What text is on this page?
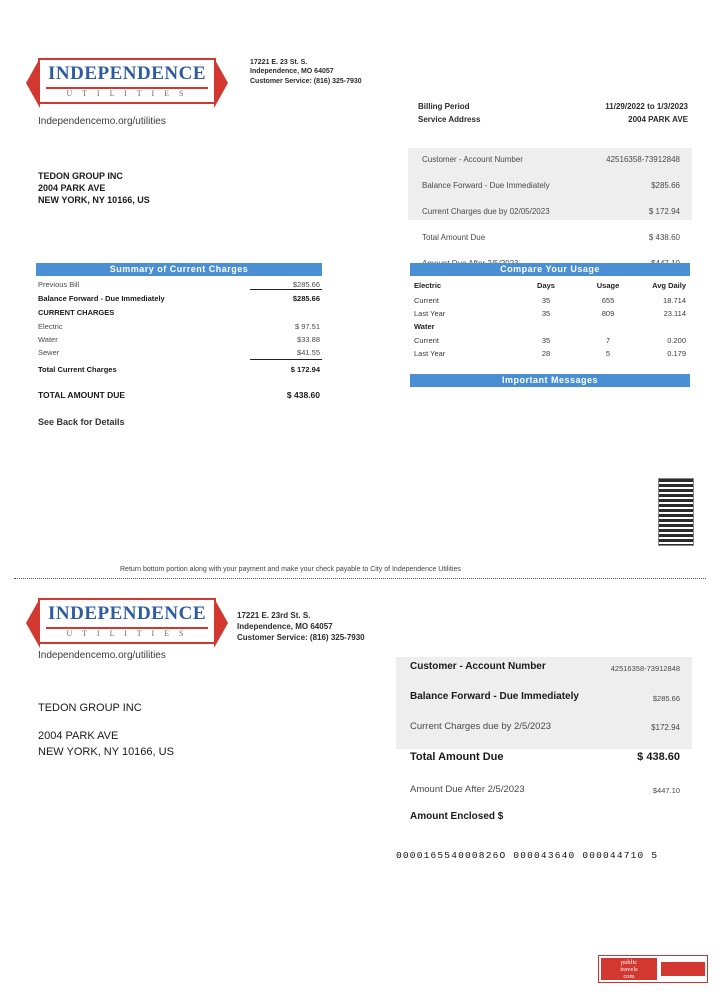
INDEPENDENCE
U T I L I T I E S
Independencemo.org/utilities
17221 E. 23 St. S.
Independence, MO 64057
Customer Service: (816) 325-7930
Billing Period	11/29/2022 to 1/3/2023
Service Address	2004 PARK AVE
TEDON GROUP INC
2004 PARK AVE
NEW YORK, NY 10166, US
Customer - Account Number	42516358-73912848
Balance Forward - Due Immediately	$285.66
Current Charges due by 02/05/2023	$ 172.94
Total Amount Due	$ 438.60
Summary of Current Charges
Previous Bill	$285.66
Balance Forward - Due Immediately	$285.66
CURRENT CHARGES
Electric	$ 97.51
Water	$33.88
Sewer	$41.55
Total Current Charges	$ 172.94
TOTAL AMOUNT DUE	$ 438.60
See Back for Details
Compare Your Usage
Electric	Days	Usage	Avg Daily
Current	35	655	18.714
Last Year	35	809	23.114
Water
Current	35	7	0.200
Last Year	28	5	0.179
Important Messages
Return bottom portion along with your payment and make your check payable to City of Independence Utilities
INDEPENDENCE
U T I L I T I E S
Independencemo.org/utilities
17221 E. 23rd St. S.
Independence, MO 64057
Customer Service: (816) 325-7930
TEDON GROUP INC
2004 PARK AVE
NEW YORK, NY 10166, US
Customer - Account Number	42516358-73912848
Balance Forward - Due Immediately	$285.66
Current Charges due by 2/5/2023	$172.94
Total Amount Due	$ 438.60
Amount Due After 2/5/2023	$447.10
Amount Enclosed $
000016554000826O 000043640 000044710 5
public
travels
com
